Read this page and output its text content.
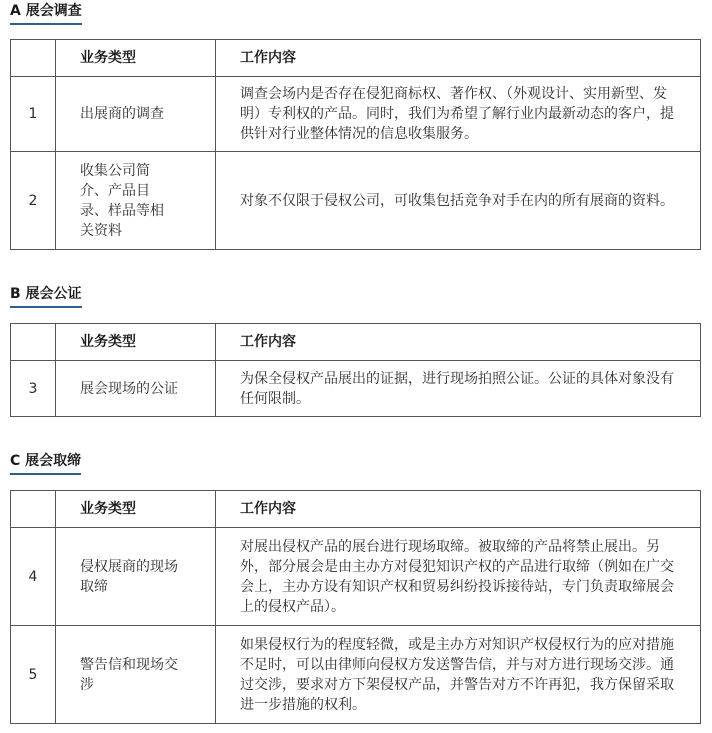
A 展会调查
	业务类型	工作内容
1	出展商的调查	调查会场内是否存在侵犯商标权、著作权、（外观设计、实用新型、发明）专利权的产品。同时，我们为希望了解行业内最新动态的客户，提供针对行业整体情况的信息收集服务。
2	收集公司简介、产品目录、样品等相关资料	对象不仅限于侵权公司，可收集包括竞争对手在内的所有展商的资料。
B 展会公证
	业务类型	工作内容
3	展会现场的公证	为保全侵权产品展出的证据，进行现场拍照公证。公证的具体对象没有任何限制。
C 展会取缔
	业务类型	工作内容
4	侵权展商的现场取缔	对展出侵权产品的展台进行现场取缔。被取缔的产品将禁止展出。另外，部分展会是由主办方对侵犯知识产权的产品进行取缔（例如在广交会上，主办方设有知识产权和贸易纠纷投诉接待站，专门负责取缔展会上的侵权产品）。
5	警告信和现场交涉	如果侵权行为的程度轻微，或是主办方对知识产权侵权行为的应对措施不足时，可以由律师向侵权方发送警告信，并与对方进行现场交涉。通过交涉，要求对方下架侵权产品，并警告对方不许再犯，我方保留采取进一步措施的权利。
